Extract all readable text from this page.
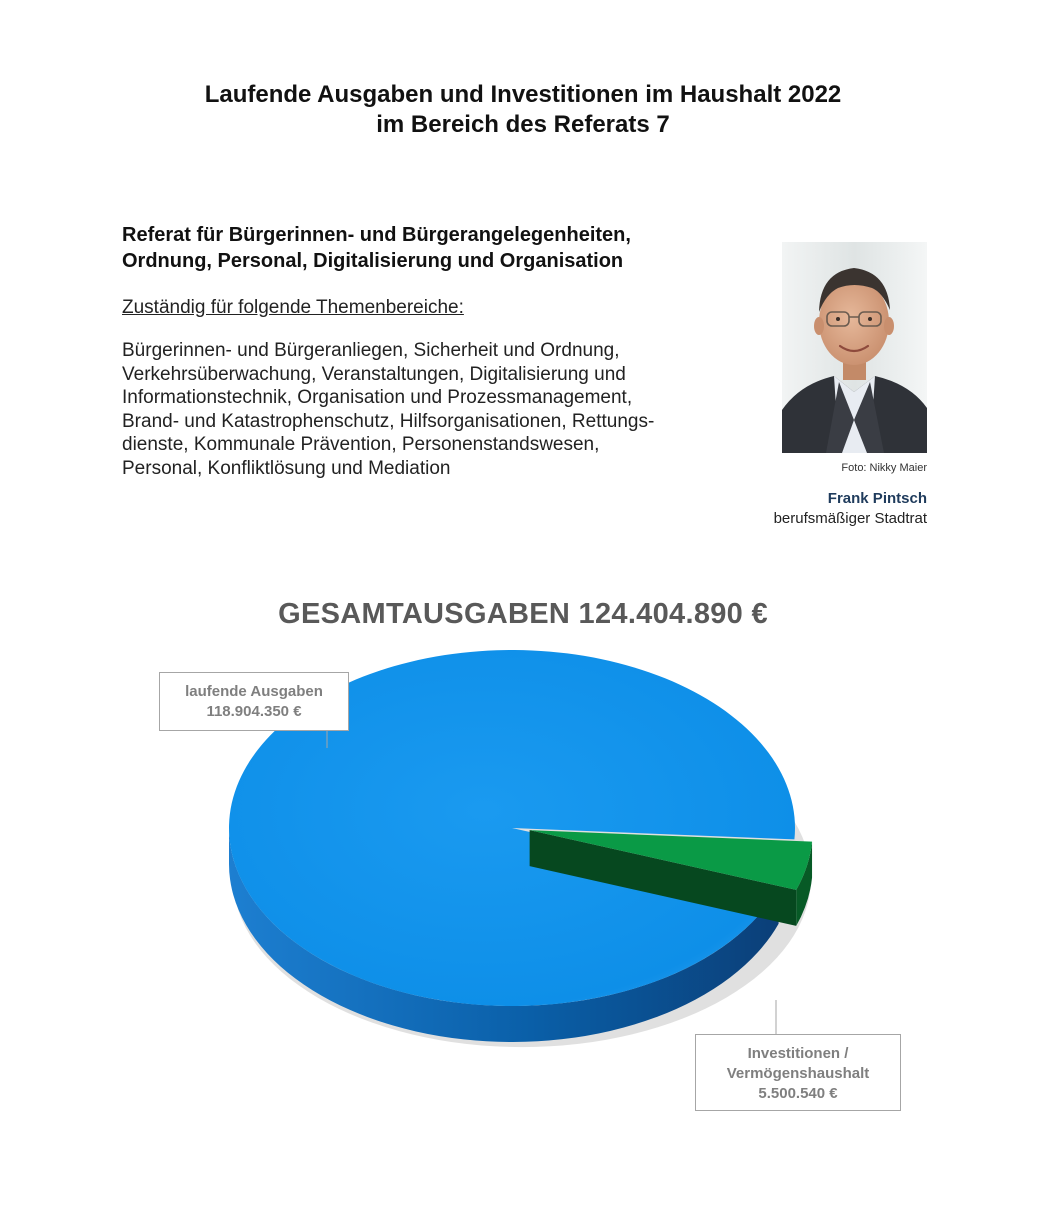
Laufende Ausgaben und Investitionen im Haushalt 2022
im Bereich des Referats 7
Referat für Bürgerinnen- und Bürgerangelegenheiten,
Ordnung, Personal, Digitalisierung und Organisation
Zuständig für folgende Themenbereiche:
Bürgerinnen- und Bürgeranliegen, Sicherheit und Ordnung,
Verkehrsüberwachung, Veranstaltungen, Digitalisierung und
Informationstechnik, Organisation und Prozessmanagement,
Brand- und Katastrophenschutz, Hilfsorganisationen, Rettungs-
dienste, Kommunale Prävention, Personenstandswesen,
Personal, Konfliktlösung und Mediation	Foto: Nikky Maier
Frank Pintsch
berufsmäßiger Stadtrat
GESAMTAUSGABEN 124.404.890 €
laufende Ausgaben
118.904.350 €
Investitionen /
Vermögenshaushalt
5.500.540 €
